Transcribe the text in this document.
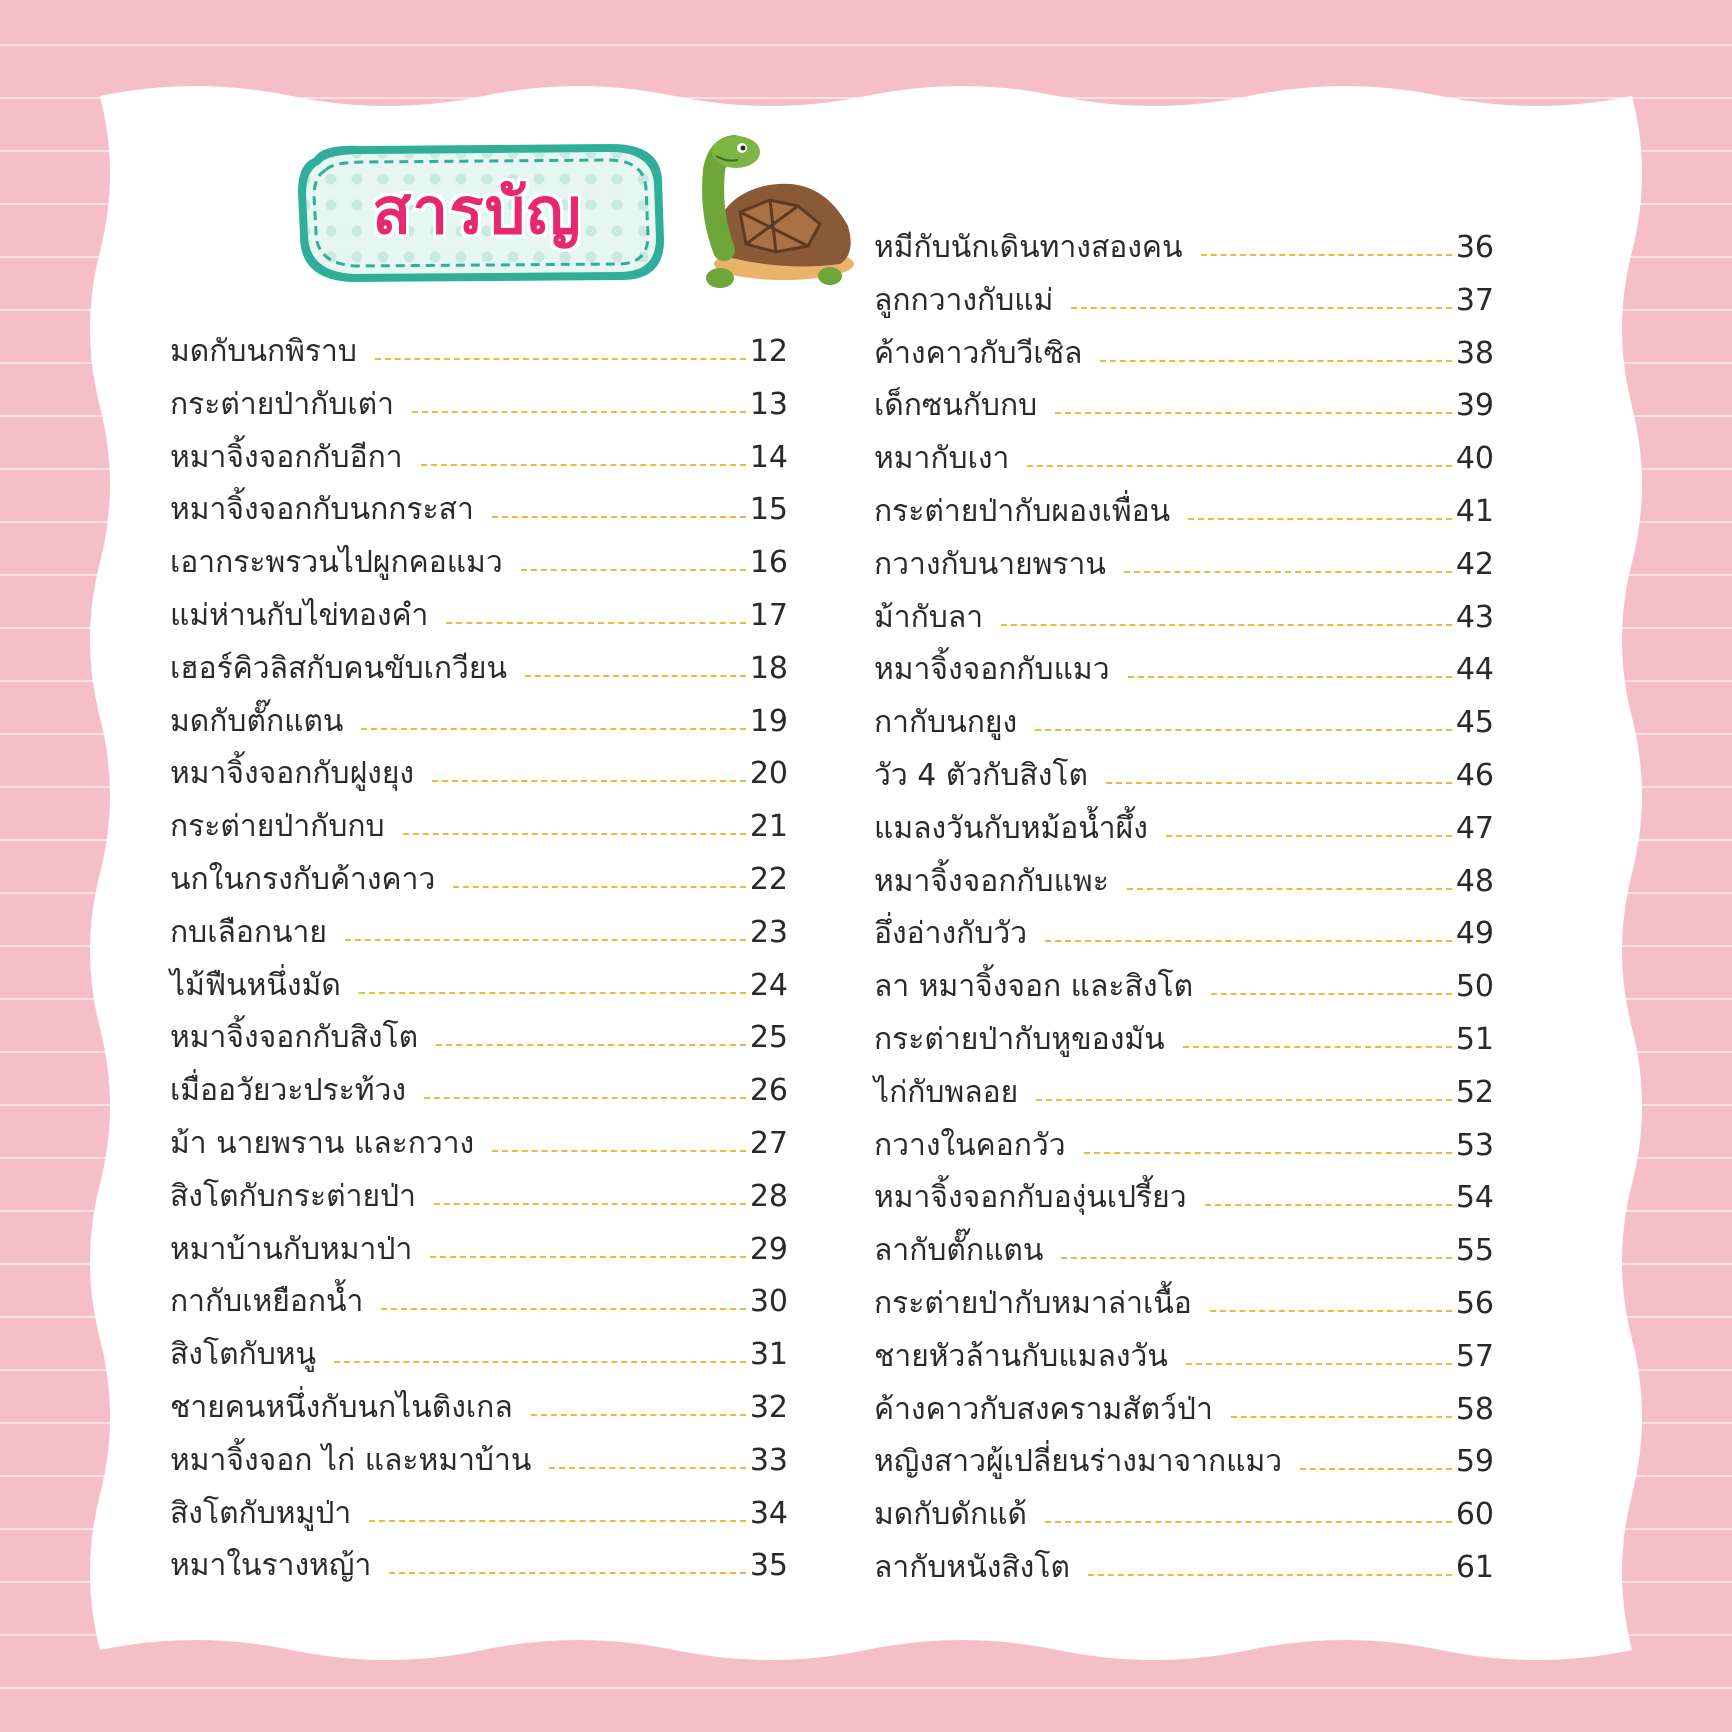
สารบัญ
มดกับนกพิราบ	12
กระต่ายป่ากับเต่า	13
หมาจิ้งจอกกับอีกา	14
หมาจิ้งจอกกับนกกระสา	15
เอากระพรวนไปผูกคอแมว	16
แม่ห่านกับไข่ทองคำ	17
เฮอร์คิวลิสกับคนขับเกวียน	18
มดกับตั๊กแตน	19
หมาจิ้งจอกกับฝูงยุง	20
กระต่ายป่ากับกบ	21
นกในกรงกับค้างคาว	22
กบเลือกนาย	23
ไม้ฟืนหนึ่งมัด	24
หมาจิ้งจอกกับสิงโต	25
เมื่ออวัยวะประท้วง	26
ม้า นายพราน และกวาง	27
สิงโตกับกระต่ายป่า	28
หมาบ้านกับหมาป่า	29
กากับเหยือกน้ำ	30
สิงโตกับหนู	31
ชายคนหนึ่งกับนกไนติงเกล	32
หมาจิ้งจอก ไก่ และหมาบ้าน	33
สิงโตกับหมูป่า	34
หมาในรางหญ้า	35
หมีกับนักเดินทางสองคน	36
ลูกกวางกับแม่	37
ค้างคาวกับวีเซิล	38
เด็กซนกับกบ	39
หมากับเงา	40
กระต่ายป่ากับผองเพื่อน	41
กวางกับนายพราน	42
ม้ากับลา	43
หมาจิ้งจอกกับแมว	44
กากับนกยูง	45
วัว 4 ตัวกับสิงโต	46
แมลงวันกับหม้อน้ำผึ้ง	47
หมาจิ้งจอกกับแพะ	48
อึ่งอ่างกับวัว	49
ลา หมาจิ้งจอก และสิงโต	50
กระต่ายป่ากับหูของมัน	51
ไก่กับพลอย	52
กวางในคอกวัว	53
หมาจิ้งจอกกับองุ่นเปรี้ยว	54
ลากับตั๊กแตน	55
กระต่ายป่ากับหมาล่าเนื้อ	56
ชายหัวล้านกับแมลงวัน	57
ค้างคาวกับสงครามสัตว์ป่า	58
หญิงสาวผู้เปลี่ยนร่างมาจากแมว	59
มดกับดักแด้	60
ลากับหนังสิงโต	61
